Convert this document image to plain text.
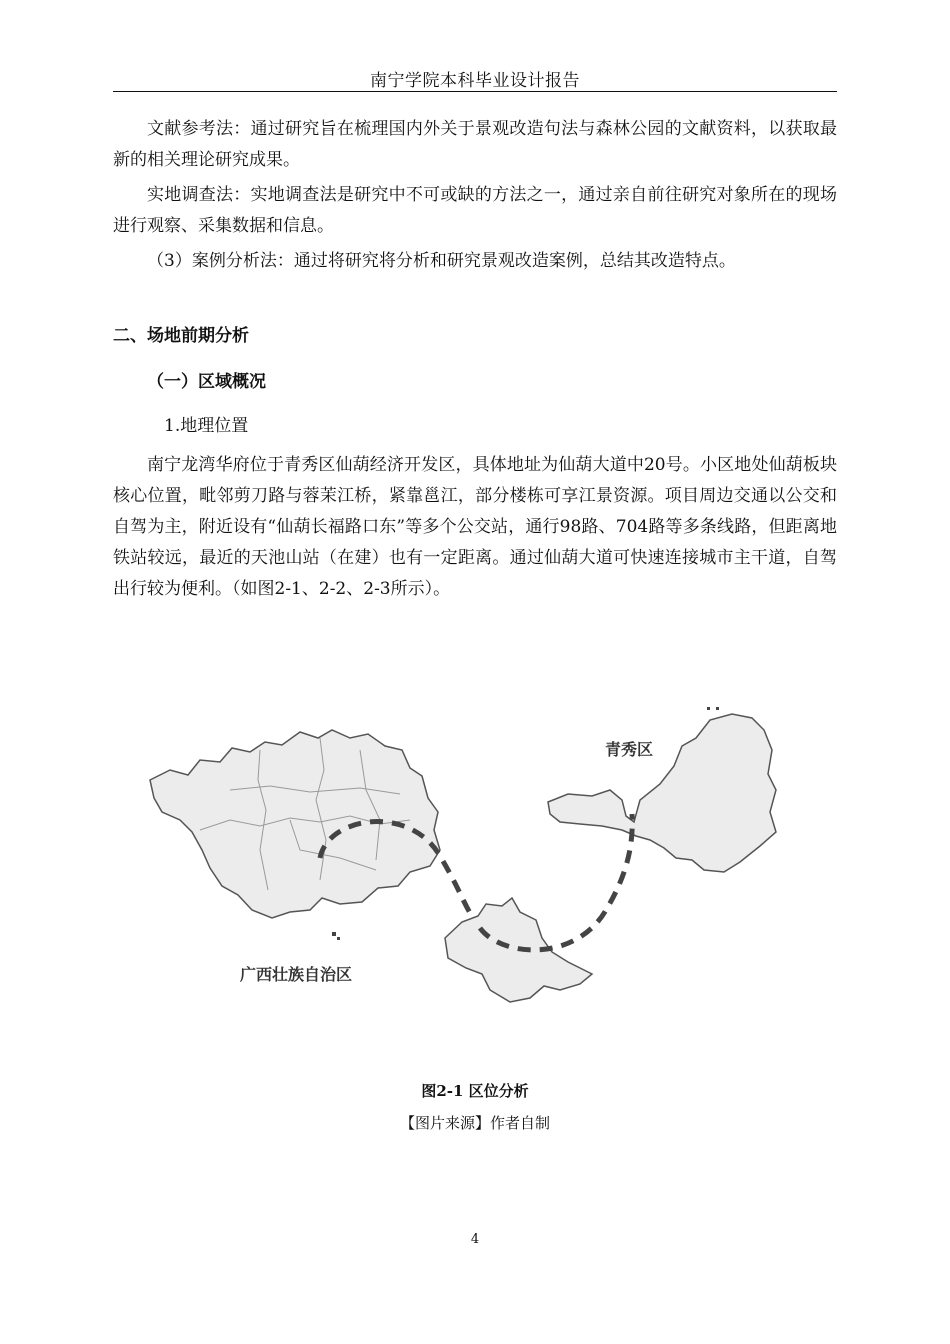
南宁学院本科毕业设计报告

文献参考法：通过研究旨在梳理国内外关于景观改造句法与森林公园的文献资料，以获取最新的相关理论研究成果。

实地调查法：实地调查法是研究中不可或缺的方法之一，通过亲自前往研究对象所在的现场进行观察、采集数据和信息。

（3）案例分析法：通过将研究将分析和研究景观改造案例，总结其改造特点。

二、场地前期分析
（一）区域概况
1.地理位置

南宁龙湾华府位于青秀区仙葫经济开发区，具体地址为仙葫大道中20号。小区地处仙葫板块核心位置，毗邻剪刀路与蓉茉江桥，紧靠邕江，部分楼栋可享江景资源。项目周边交通以公交和自驾为主，附近设有“仙葫长福路口东”等多个公交站，通行98路、704路等多条线路，但距离地铁站较远，最近的天池山站（在建）也有一定距离。通过仙葫大道可快速连接城市主干道，自驾出行较为便利。（如图2-1、2-2、2-3所示）。

广西壮族自治区
青秀区
图2-1 区位分析
【图片来源】作者自制
4
